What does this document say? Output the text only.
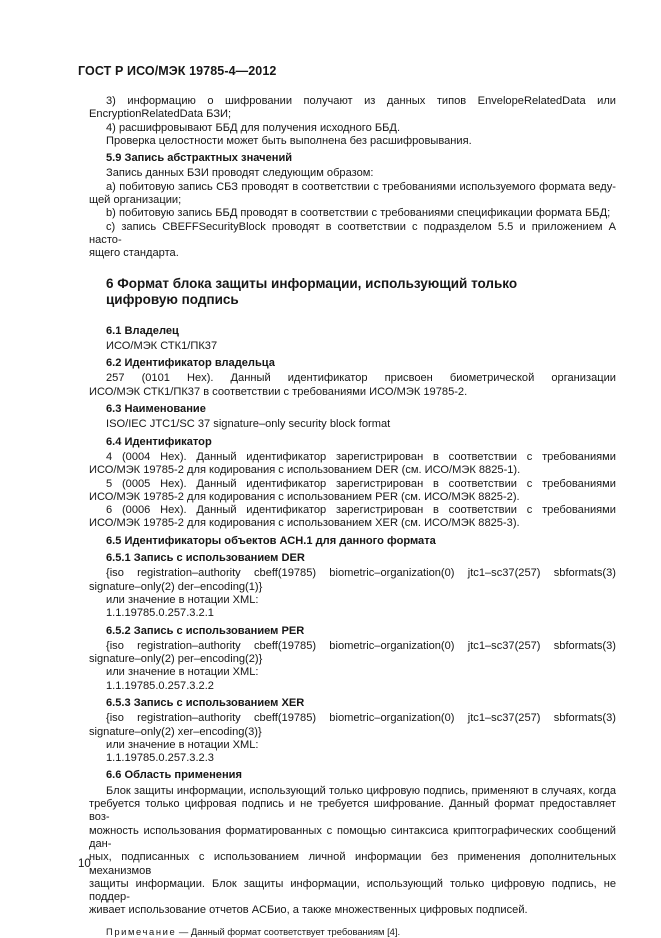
ГОСТ Р ИСО/МЭК 19785-4—2012

3) информацию о шифровании получают из данных типов EnvelopeRelatedData или

EncryptionRelatedData БЗИ;

4) расшифровывают ББД для получения исходного ББД.

Проверка целостности может быть выполнена без расшифровывания.

5.9 Запись абстрактных значений

Запись данных БЗИ проводят следующим образом:

а) побитовую запись СБЗ проводят в соответствии с требованиями используемого формата веду-

щей организации;

b) побитовую запись ББД проводят в соответствии с требованиями спецификации формата ББД;

с) запись CBEFFSecurityBlock проводят в соответствии с подразделом 5.5 и приложением А насто-

ящего стандарта.

6 Формат блока защиты информации, использующий только
цифровую подпись

6.1 Владелец

ИСО/МЭК СТК1/ПК37

6.2 Идентификатор владельца

257 (0101 Hex). Данный идентификатор присвоен биометрической организации

ИСО/МЭК СТК1/ПК37 в соответствии с требованиями ИСО/МЭК 19785-2.

6.3 Наименование

ISO/IEC JTC1/SC 37 signature–only security block format

6.4 Идентификатор

4 (0004 Hex). Данный идентификатор зарегистрирован в соответствии с требованиями

ИСО/МЭК 19785-2 для кодирования с использованием DER (см. ИСО/МЭК 8825-1).

5 (0005 Hex). Данный идентификатор зарегистрирован в соответствии с требованиями

ИСО/МЭК 19785-2 для кодирования с использованием PER (см. ИСО/МЭК 8825-2).

6 (0006 Hex). Данный идентификатор зарегистрирован в соответствии с требованиями

ИСО/МЭК 19785-2 для кодирования с использованием XER (см. ИСО/МЭК 8825-3).

6.5 Идентификаторы объектов АСН.1 для данного формата

6.5.1 Запись с использованием DER

{iso registration–authority cbeff(19785) biometric–organization(0) jtc1–sc37(257) sbformats(3)

signature–only(2) der–encoding(1)}

или значение в нотации XML:

1.1.19785.0.257.3.2.1

6.5.2 Запись с использованием PER

{iso registration–authority cbeff(19785) biometric–organization(0) jtc1–sc37(257) sbformats(3)

signature–only(2) per–encoding(2)}

или значение в нотации XML:

1.1.19785.0.257.3.2.2

6.5.3 Запись с использованием XER

{iso registration–authority cbeff(19785) biometric–organization(0) jtc1–sc37(257) sbformats(3)

signature–only(2) xer–encoding(3)}

или значение в нотации XML:

1.1.19785.0.257.3.2.3

6.6 Область применения

Блок защиты информации, использующий только цифровую подпись, применяют в случаях, когда

требуется только цифровая подпись и не требуется шифрование. Данный формат предоставляет воз-

можность использования форматированных с помощью синтаксиса криптографических сообщений дан-

ных, подписанных с использованием личной информации без применения дополнительных механизмов

защиты информации. Блок защиты информации, использующий только цифровую подпись, не поддер-

живает использование отчетов АСБио, а также множественных цифровых подписей.

Примечание — Данный формат соответствует требованиям [4].

10
